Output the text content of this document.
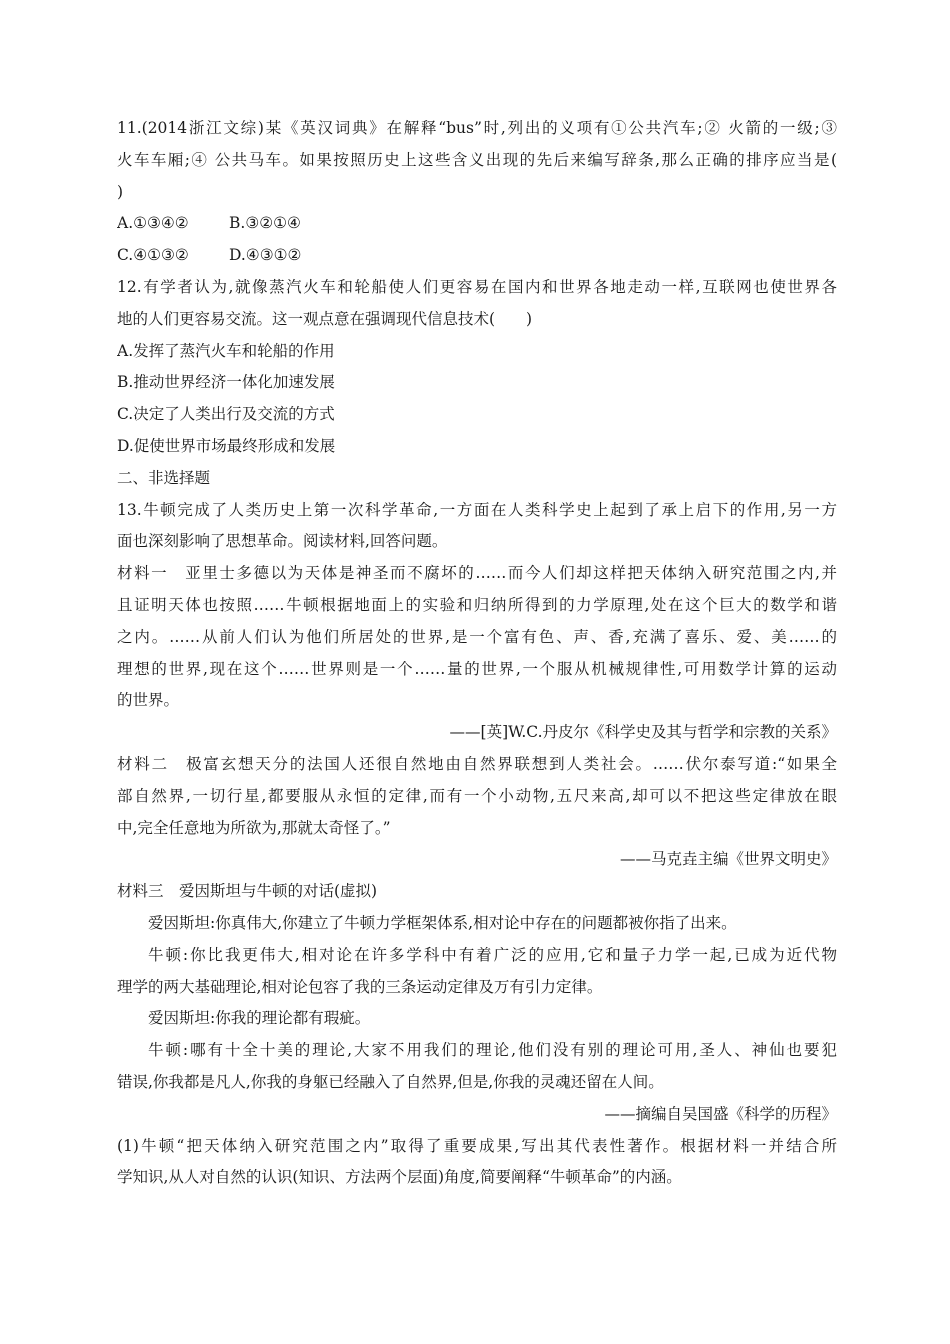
11.(2014浙江文综)某《英汉词典》在解释“bus”时,列出的义项有①公共汽车;② 火箭的一级;③
火车车厢;④ 公共马车。如果按照历史上这些含义出现的先后来编写辞条,那么正确的排序应当是(
)
A.①③④②	B.③②①④
C.④①③②	D.④③①②
12.有学者认为,就像蒸汽火车和轮船使人们更容易在国内和世界各地走动一样,互联网也使世界各
地的人们更容易交流。这一观点意在强调现代信息技术(　　)
A.发挥了蒸汽火车和轮船的作用
B.推动世界经济一体化加速发展
C.决定了人类出行及交流的方式
D.促使世界市场最终形成和发展
二、非选择题
13.牛顿完成了人类历史上第一次科学革命,一方面在人类科学史上起到了承上启下的作用,另一方
面也深刻影响了思想革命。阅读材料,回答问题。
材料一　亚里士多德以为天体是神圣而不腐坏的……而今人们却这样把天体纳入研究范围之内,并
且证明天体也按照……牛顿根据地面上的实验和归纳所得到的力学原理,处在这个巨大的数学和谐
之内。……从前人们认为他们所居处的世界,是一个富有色、声、香,充满了喜乐、爱、美……的
理想的世界,现在这个……世界则是一个……量的世界,一个服从机械规律性,可用数学计算的运动
的世界。
——[英]W.C.丹皮尔《科学史及其与哲学和宗教的关系》
材料二　极富玄想天分的法国人还很自然地由自然界联想到人类社会。……伏尔泰写道:“如果全
部自然界,一切行星,都要服从永恒的定律,而有一个小动物,五尺来高,却可以不把这些定律放在眼
中,完全任意地为所欲为,那就太奇怪了。”
——马克垚主编《世界文明史》
材料三　爱因斯坦与牛顿的对话(虚拟)
爱因斯坦:你真伟大,你建立了牛顿力学框架体系,相对论中存在的问题都被你指了出来。
牛顿:你比我更伟大,相对论在许多学科中有着广泛的应用,它和量子力学一起,已成为近代物
理学的两大基础理论,相对论包容了我的三条运动定律及万有引力定律。
爱因斯坦:你我的理论都有瑕疵。
牛顿:哪有十全十美的理论,大家不用我们的理论,他们没有别的理论可用,圣人、神仙也要犯
错误,你我都是凡人,你我的身躯已经融入了自然界,但是,你我的灵魂还留在人间。
——摘编自吴国盛《科学的历程》
(1)牛顿“把天体纳入研究范围之内”取得了重要成果,写出其代表性著作。根据材料一并结合所
学知识,从人对自然的认识(知识、方法两个层面)角度,简要阐释“牛顿革命”的内涵。
